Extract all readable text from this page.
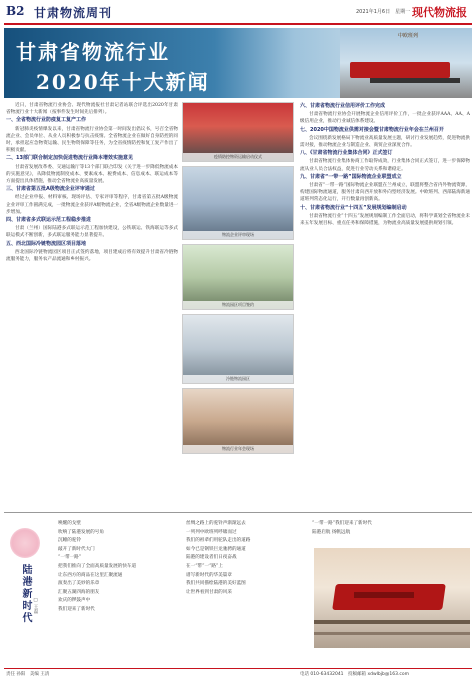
B2 甘肃物流周刊	2021年1月6日　星期一 现代物流报
甘肃省物流行业
2020年十大新闻
中欧班列

近日，甘肃省物流行业协会、现代物流报社甘肃记者站联合评选出2020年甘肃省物流行业十大新闻（按事件发生时间先后排列）。

一、全省物流行业防疫复工复产工作

新冠肺炎疫情爆发以来，甘肃省物流行业协会第一时间发出倡议书，号召全省物流企业、会员单位、从业人员积极参与抗击疫情。全省物流企业在做好自身防控的同时，承担起应急物资运输、民生物资保障等任务，为全省疫情防控和复工复产作出了积极贡献。

二、13部门联合制定加快促进物流行业降本增效实施意见

甘肃省发展改革委、交通运输厅等13个部门联合印发《关于进一步降低物流成本的实施意见》，从降低物流制度成本、要素成本、税费成本、信息成本、联运成本等方面提出具体措施，推动全省物流业高质量发展。

三、甘肃省第五批A级物流企业评审通过

经过企业申报、材料审核、现场评估、专家评审等程序，甘肃省第五批A级物流企业评审工作圆满完成，一批物流企业获评A级物流企业，全省A级物流企业数量进一步增加。

四、甘肃省多式联运示范工程稳步推进

甘肃（兰州）国际陆港多式联运示范工程加快建设，公铁联运、铁海联运等多式联运模式不断创新，多式联运服务能力显著提升。

五、西北国际冷链物流园区项目落地

西北国际冷链物流园区项目正式签约落地，项目建成后将有效提升甘肃省冷链物流服务能力，服务农产品流通和乡村振兴。

疫情防控物资运输启动仪式
物流企业评审现场
物流园区项目签约
冷链物流园区
物流行业年会现场
六、甘肃省物流行业信用评价工作完成

甘肃省物流行业协会开展物流企业信用评价工作，一批企业获评AAA、AA、A级信用企业，推动行业诚信体系建设。

七、2020中国物流业供需对接会暨甘肃物流行业年会在兰州召开

会议围绕新发展格局下物流业高质量发展主题，研讨行业发展趋势，促进物流供需对接，推动物流企业与制造企业、商贸企业深度合作。

八、《甘肃省物流行业集体合同》正式签订

甘肃省物流行业集体协商工作取得成效，行业集体合同正式签订，进一步保障物流从业人员合法权益，促进行业劳动关系和谐稳定。

九、甘肃省“一带一路”国际物流企业联盟成立

甘肃省“一带一路”国际物流企业联盟在兰州成立，联盟将整合省内外物流资源，构建国际物流通道，服务甘肃向西开放和外向型经济发展。中欧班列、西部陆海新通道班列常态化运行，开行数量再创新高。

十、甘肃省物流行业“十四五”发展规划编制启动

甘肃省物流行业“十四五”发展规划编制工作全面启动，将科学谋划全省物流业未来五年发展目标、重点任务和保障措施，为物流业高质量发展提供规划引领。

陆港新时代 □ 王磊
唤醒的戈壁
吹响了陆港发展的号角
沉睡的驼铃
敲开了新时代大门
“一带一路”
把我们推向了全面高质量发展的快车道
让东西方的商品在这里汇聚流通
演奏出了美妙的乐章
汇聚五湖四海的朋友
欢庆的锣鼓声中
我们迎来了新时代
丝绸之路上的驼铃声渐渐远去
一列列中欧班列呼啸而过
我们的祖辈们用驼队走出的道路
如今已是钢铁巨龙驰骋的通道
陆港的建设者们日夜奋战
在一“带”一“路”上
谱写新时代的华美篇章
我们共同描绘陆港的美好蓝图
让世界看到甘肃的风采
“一带一路”我们迎来了新时代
陆港启航 扬帆远航
责任 孙阳　美编 王清	电话 010-63432041　投稿邮箱 xdwlbjb@163.com
